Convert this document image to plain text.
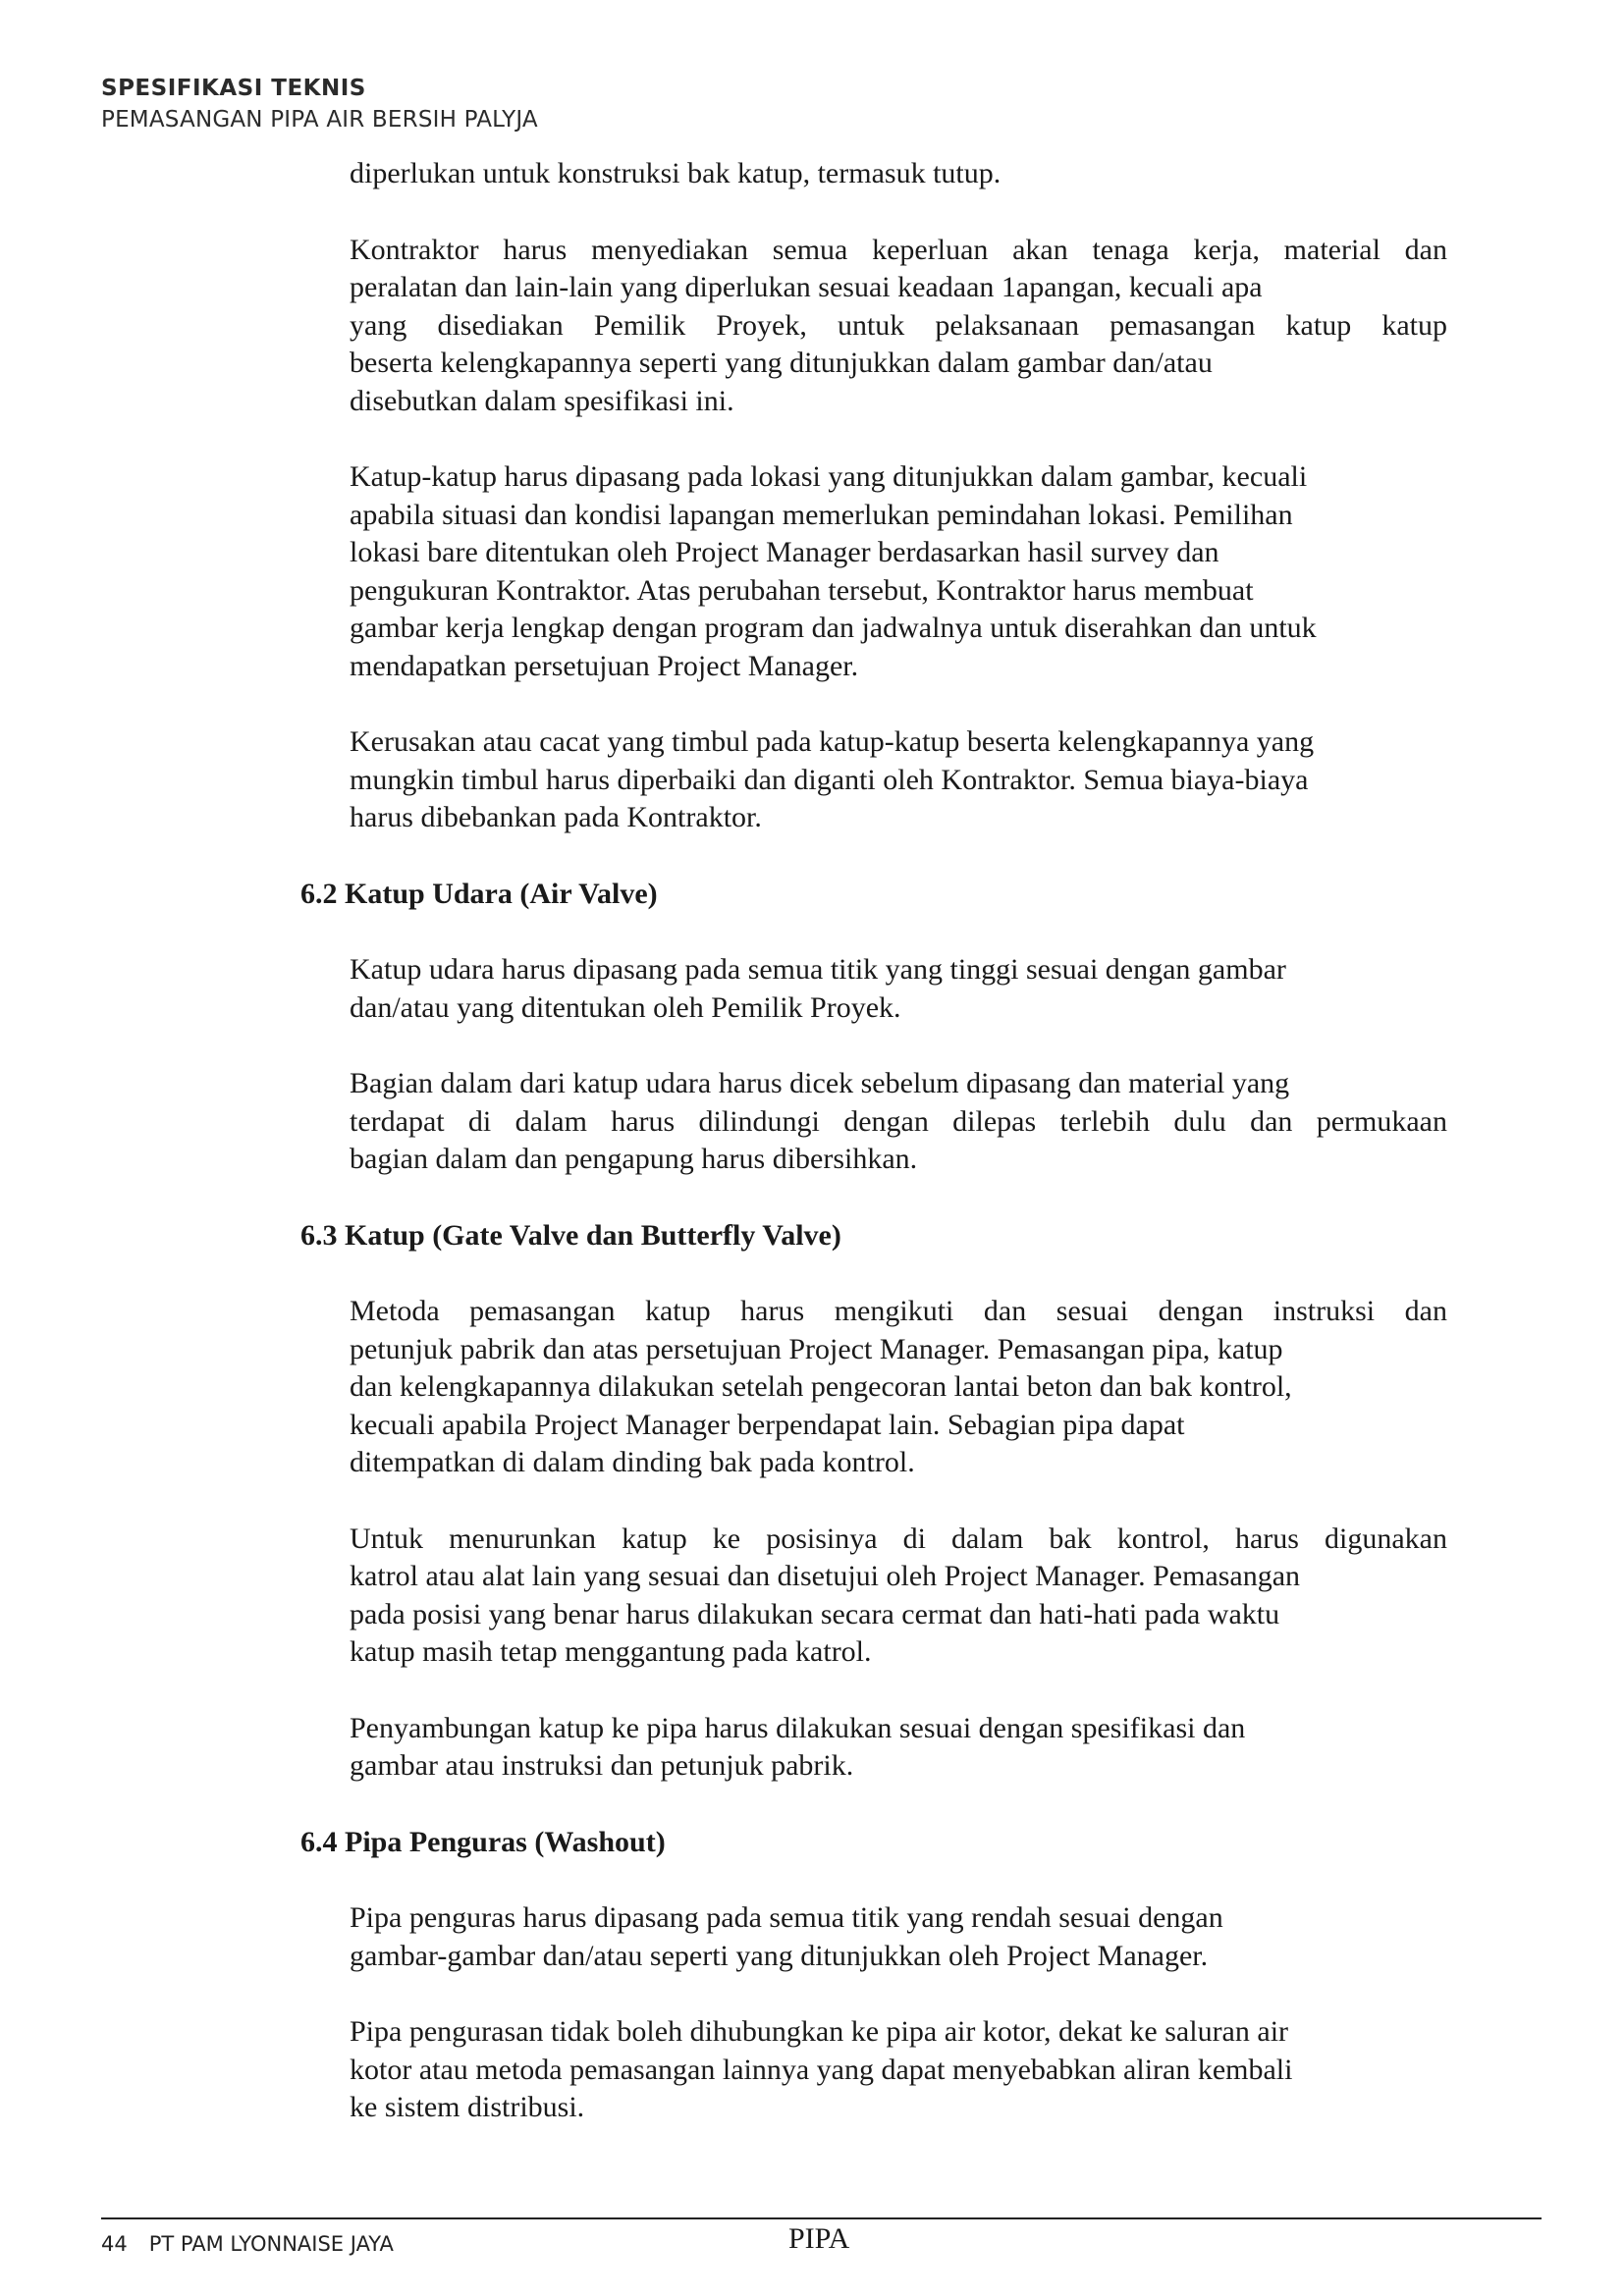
SPESIFIKASI TEKNIS
PEMASANGAN PIPA AIR BERSIH PALYJA
diperlukan untuk konstruksi bak katup, termasuk tutup.
Kontraktor harus menyediakan semua keperluan akan tenaga kerja, material dan
peralatan dan lain-lain yang diperlukan sesuai keadaan 1apangan, kecuali apa
yang disediakan Pemilik Proyek, untuk pelaksanaan pemasangan katup katup
beserta kelengkapannya seperti yang ditunjukkan dalam gambar dan/atau
disebutkan dalam spesifikasi ini.
Katup-katup harus dipasang pada lokasi yang ditunjukkan dalam gambar, kecuali
apabila situasi dan kondisi lapangan memerlukan pemindahan lokasi. Pemilihan
lokasi bare ditentukan oleh Project Manager berdasarkan hasil survey dan
pengukuran Kontraktor. Atas perubahan tersebut, Kontraktor harus membuat
gambar kerja lengkap dengan program dan jadwalnya untuk diserahkan dan untuk
mendapatkan persetujuan Project Manager.
Kerusakan atau cacat yang timbul pada katup-katup beserta kelengkapannya yang
mungkin timbul harus diperbaiki dan diganti oleh Kontraktor. Semua biaya-biaya
harus dibebankan pada Kontraktor.
6.2 Katup Udara (Air Valve)
Katup udara harus dipasang pada semua titik yang tinggi sesuai dengan gambar
dan/atau yang ditentukan oleh Pemilik Proyek.
Bagian dalam dari katup udara harus dicek sebelum dipasang dan material yang
terdapat di dalam harus dilindungi dengan dilepas terlebih dulu dan permukaan
bagian dalam dan pengapung harus dibersihkan.
6.3 Katup (Gate Valve dan Butterfly Valve)
Metoda pemasangan katup harus mengikuti dan sesuai dengan instruksi dan
petunjuk pabrik dan atas persetujuan Project Manager. Pemasangan pipa, katup
dan kelengkapannya dilakukan setelah pengecoran lantai beton dan bak kontrol,
kecuali apabila Project Manager berpendapat lain. Sebagian pipa dapat
ditempatkan di dalam dinding bak pada kontrol.
Untuk menurunkan katup ke posisinya di dalam bak kontrol, harus digunakan
katrol atau alat lain yang sesuai dan disetujui oleh Project Manager. Pemasangan
pada posisi yang benar harus dilakukan secara cermat dan hati-hati pada waktu
katup masih tetap menggantung pada katrol.
Penyambungan katup ke pipa harus dilakukan sesuai dengan spesifikasi dan
gambar atau instruksi dan petunjuk pabrik.
6.4 Pipa Penguras (Washout)
Pipa penguras harus dipasang pada semua titik yang rendah sesuai dengan
gambar-gambar dan/atau seperti yang ditunjukkan oleh Project Manager.
Pipa pengurasan tidak boleh dihubungkan ke pipa air kotor, dekat ke saluran air
kotor atau metoda pemasangan lainnya yang dapat menyebabkan aliran kembali
ke sistem distribusi.
44 PT PAM LYONNAISE JAYA	PIPA
